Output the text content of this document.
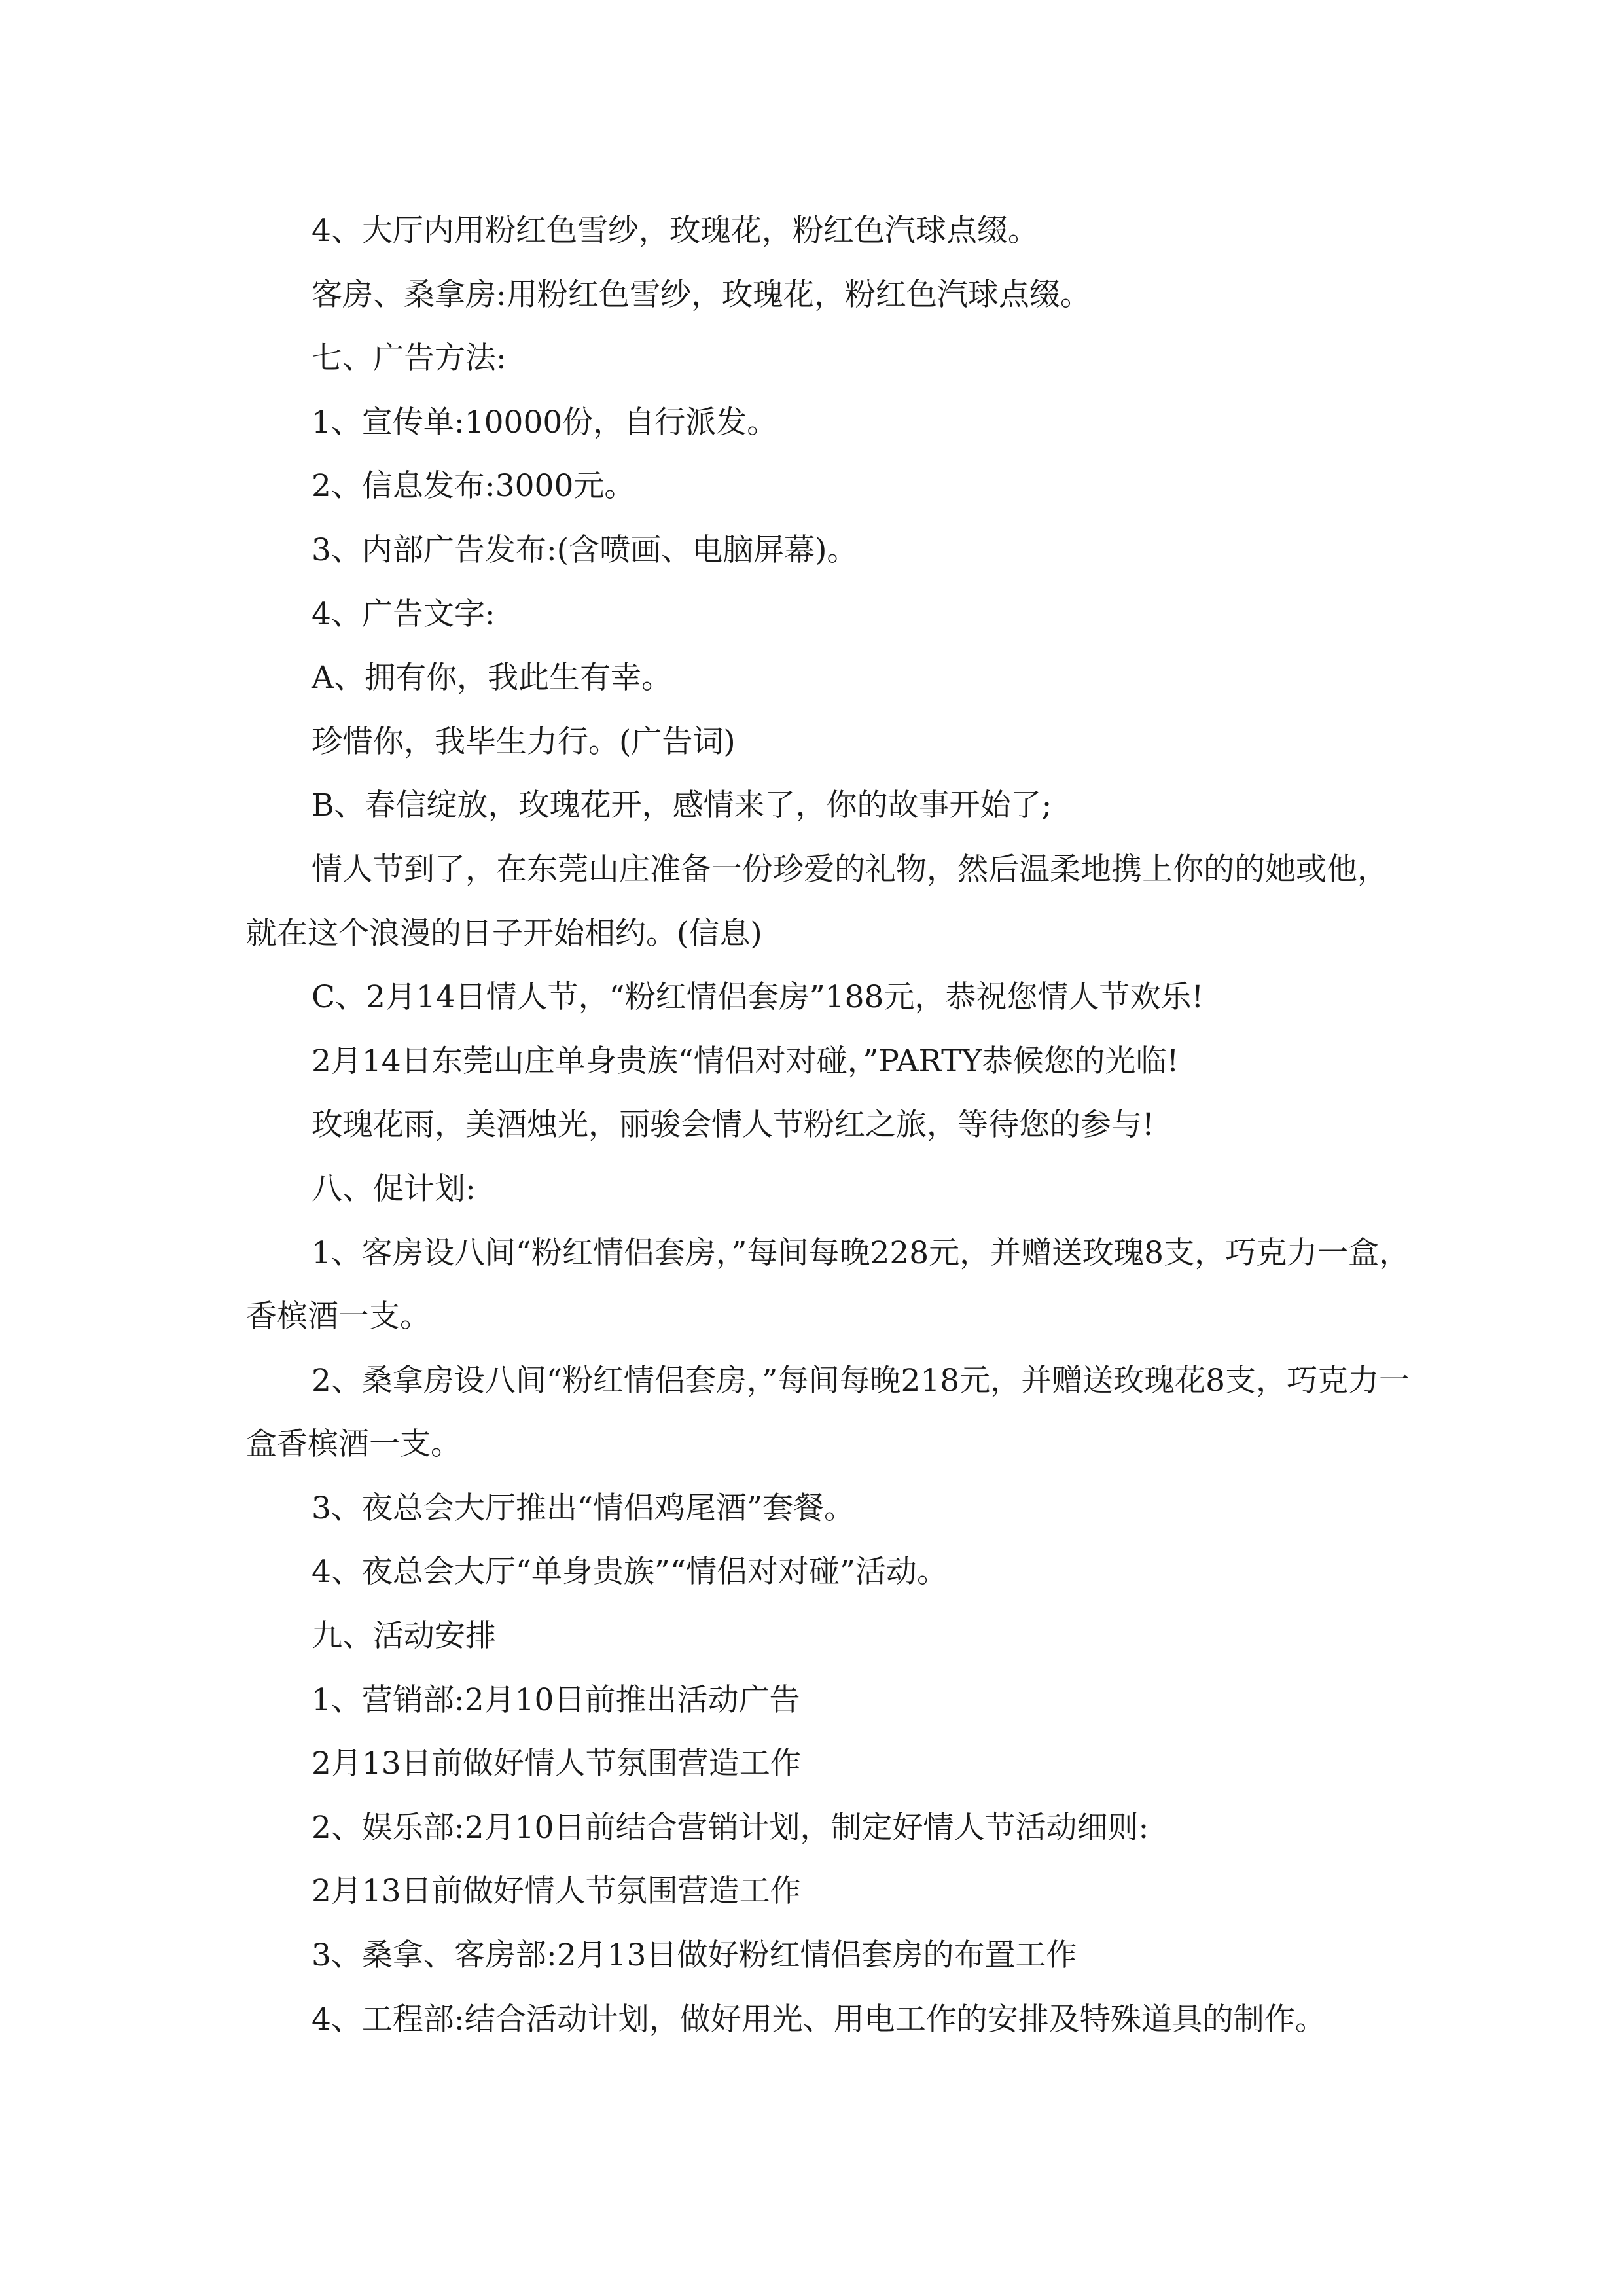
4、大厅内用粉红色雪纱，玫瑰花，粉红色汽球点缀。

客房、桑拿房:用粉红色雪纱，玫瑰花，粉红色汽球点缀。

七、广告方法:

1、宣传单:10000份，自行派发。

2、信息发布:3000元。

3、内部广告发布:(含喷画、电脑屏幕)。

4、广告文字:

A、拥有你，我此生有幸。

珍惜你，我毕生力行。(广告词)

B、春信绽放，玫瑰花开，感情来了，你的故事开始了;

情人节到了，在东莞山庄准备一份珍爱的礼物，然后温柔地携上你的的她或他，就在这个浪漫的日子开始相约。(信息)

C、2月14日情人节，“粉红情侣套房”188元，恭祝您情人节欢乐!

2月14日东莞山庄单身贵族“情侣对对碰，”PARTY恭候您的光临!

玫瑰花雨，美酒烛光，丽骏会情人节粉红之旅，等待您的参与!

八、促计划:

1、客房设八间“粉红情侣套房，”每间每晚228元，并赠送玫瑰8支，巧克力一盒，香槟酒一支。

2、桑拿房设八间“粉红情侣套房，”每间每晚218元，并赠送玫瑰花8支，巧克力一盒香槟酒一支。

3、夜总会大厅推出“情侣鸡尾酒”套餐。

4、夜总会大厅“单身贵族”“情侣对对碰”活动。

九、活动安排

1、营销部:2月10日前推出活动广告

2月13日前做好情人节氛围营造工作

2、娱乐部:2月10日前结合营销计划，制定好情人节活动细则:

2月13日前做好情人节氛围营造工作

3、桑拿、客房部:2月13日做好粉红情侣套房的布置工作

4、工程部:结合活动计划，做好用光、用电工作的安排及特殊道具的制作。
